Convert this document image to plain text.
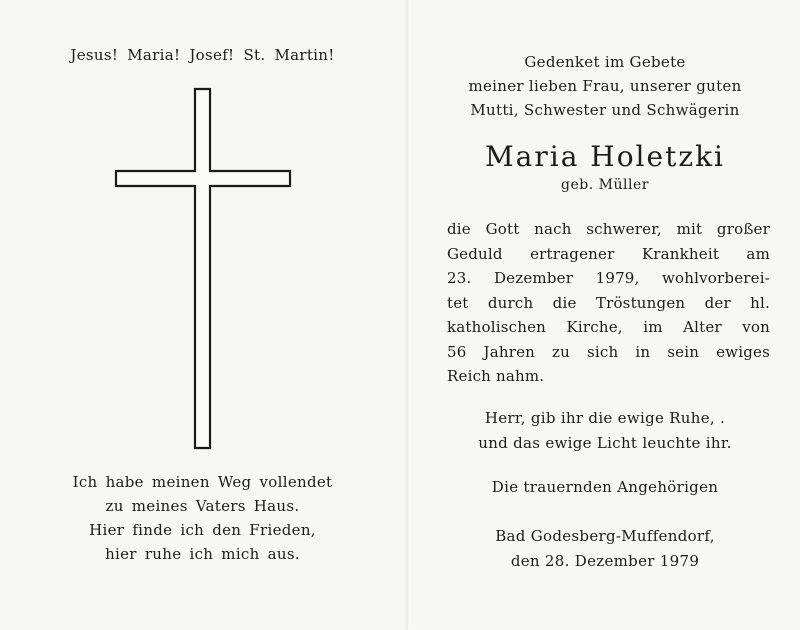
Jesus! Maria! Josef! St. Martin!
Ich habe meinen Weg vollendet
zu meines Vaters Haus.
Hier finde ich den Frieden,
hier ruhe ich mich aus.
Gedenket im Gebete
meiner lieben Frau, unserer guten
Mutti, Schwester und Schwägerin
Maria Holetzki
geb. Müller
die Gott nach schwerer, mit großer
Geduld ertragener Krankheit am
23. Dezember 1979, wohlvorberei-
tet durch die Tröstungen der hl.
katholischen Kirche, im Alter von
56 Jahren zu sich in sein ewiges
Reich nahm.
Herr, gib ihr die ewige Ruhe, .
und das ewige Licht leuchte ihr.
Die trauernden Angehörigen
Bad Godesberg-Muffendorf,
den 28. Dezember 1979
